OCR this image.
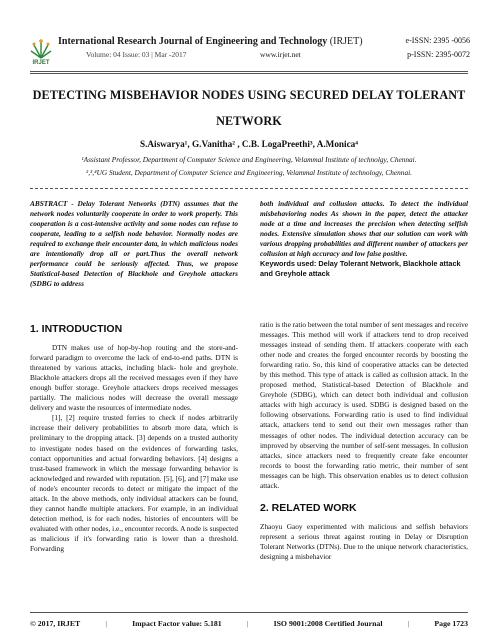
IRJET
International Research Journal of Engineering and Technology (IRJET)	e-ISSN: 2395 -0056
Volume: 04 Issue: 03 | Mar -2017	www.irjet.net	p-ISSN: 2395-0072
DETECTING MISBEHAVIOR NODES USING SECURED DELAY TOLERANT
NETWORK
S.Aiswarya¹, G.Vanitha² , C.B. LogaPreethi³, A.Monica⁴
¹Assistant Professor, Department of Computer Science and Engineering, Velammal Institute of technolgy, Chennai.
²,³,⁴UG Student, Department of Computer Science and Engineering, Velammal Institute of technology, Chennai.

ABSTRACT - Delay Tolerant Networks (DTN) assumes that the network nodes voluntarily cooperate in order to work properly. This cooperation is a cost-intensive activity and some nodes can refuse to cooperate, leading to a selfish node behavior. Normally nodes are required to exchange their encounter data, in which malicious nodes are intentionally drop all or part.Thus the overall network performance could be seriously affected. Thus, we propose Statistical-based Detection of Blackhole and Greyhole attackers (SDBG to address

1. INTRODUCTION

DTN makes use of hop-by-hop routing and the store-and-forward paradigm to overcome the lack of end-to-end paths. DTN is threatened by various attacks, including black- hole and greyhole. Blackhole attackers drops all the received messages even if they have enough buffer storage. Greyhole attackers drops received messages partially. The malicious nodes will decrease the overall message delivery and waste the resources of intermediate nodes.

[1], [2] require trusted ferries to check if nodes arbitrarily increase their delivery probabilities to absorb more data, which is preliminary to the dropping attack. [3] depends on a trusted authority to investigate nodes based on the evidences of forwarding tasks, contact opportunities and actual forwarding behaviors. [4] designs a trust-based framework in which the message forwarding behavior is acknowledged and rewarded with reputation. [5], [6], and [7] make use of node's encounter records to detect or mitigate the impact of the attack. In the above methods, only individual attackers can be found, they cannot handle multiple attackers. For example, in an individual detection method, is for each nodes, histories of encounters will be evaluated with other nodes, i.e., encounter records. A node is suspected as malicious if it's forwarding ratio is lower than a threshold. Forwarding

both individual and collusion attacks. To detect the individual misbehavioring nodes As shown in the paper, detect the attacker node at a time and increases the precision when detecting selfish nodes. Extensive simulation shows that our solution can work with various dropping probabilities and different number of attackers per collusion at high accuracy and low false positive.

Keywords used: Delay Tolerant Network, Blackhole attack and Greyhole attack

ratio is the ratio between the total number of sent messages and receive messages. This method will work if attackers tend to drop received messages instead of sending them. If attackers cooperate with each other node and creates the forged encounter records by boosting the forwarding ratio. So, this kind of cooperative attacks can be detected by this method. This type of attack is called as collusion attack. In the proposed method, Statistical-based Detection of Blackhole and Greyhole (SDBG), which can detect both individual and collusion attacks with high accuracy is used. SDBG is designed based on the following observations. Forwarding ratio is used to find individual attack, attackers tend to send out their own messages rather than messages of other nodes. The individual detection accuracy can be improved by observing the number of self-sent messages. In collusion attacks, since attackers need to frequently create fake encounter records to boost the forwarding ratio metric, their number of sent messages can be high. This observation enables us to detect collusion attack.

2. RELATED WORK

Zhaoyu Gaoy experimented with malicious and selfish behaviors represent a serious threat against routing in Delay or Disruption Tolerant Networks (DTNs). Due to the unique network characteristics, designing a misbehavior

© 2017, IRJET	|	Impact Factor value: 5.181	|	ISO 9001:2008 Certified Journal	|	Page 1723
